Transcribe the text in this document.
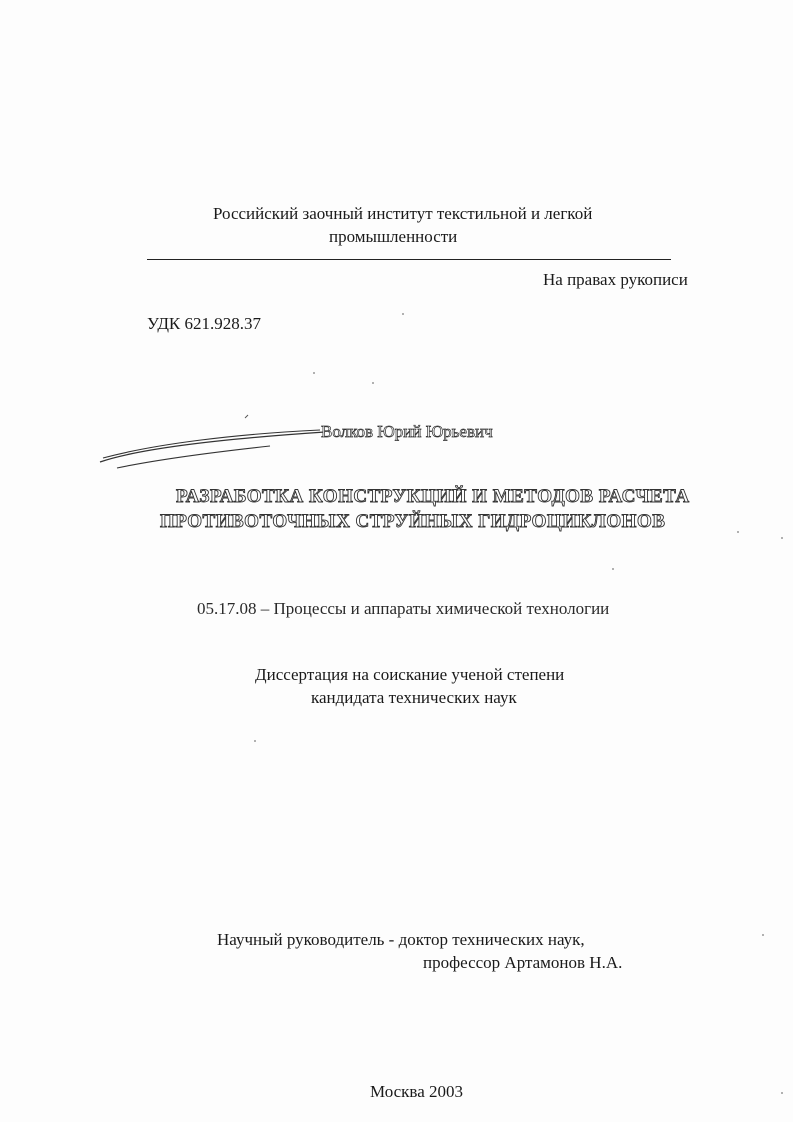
Российский заочный институт текстильной и легкой
промышленности
На правах рукописи
УДК 621.928.37
Волков Юрий Юрьевич
РАЗРАБОТКА КОНСТРУКЦИЙ И МЕТОДОВ РАСЧЕТА
ПРОТИВОТОЧНЫХ СТРУЙНЫХ ГИДРОЦИКЛОНОВ
05.17.08 – Процессы и аппараты химической технологии
Диссертация на соискание ученой степени
кандидата технических наук
Научный руководитель - доктор технических наук,
профессор Артамонов Н.А.
Москва 2003
